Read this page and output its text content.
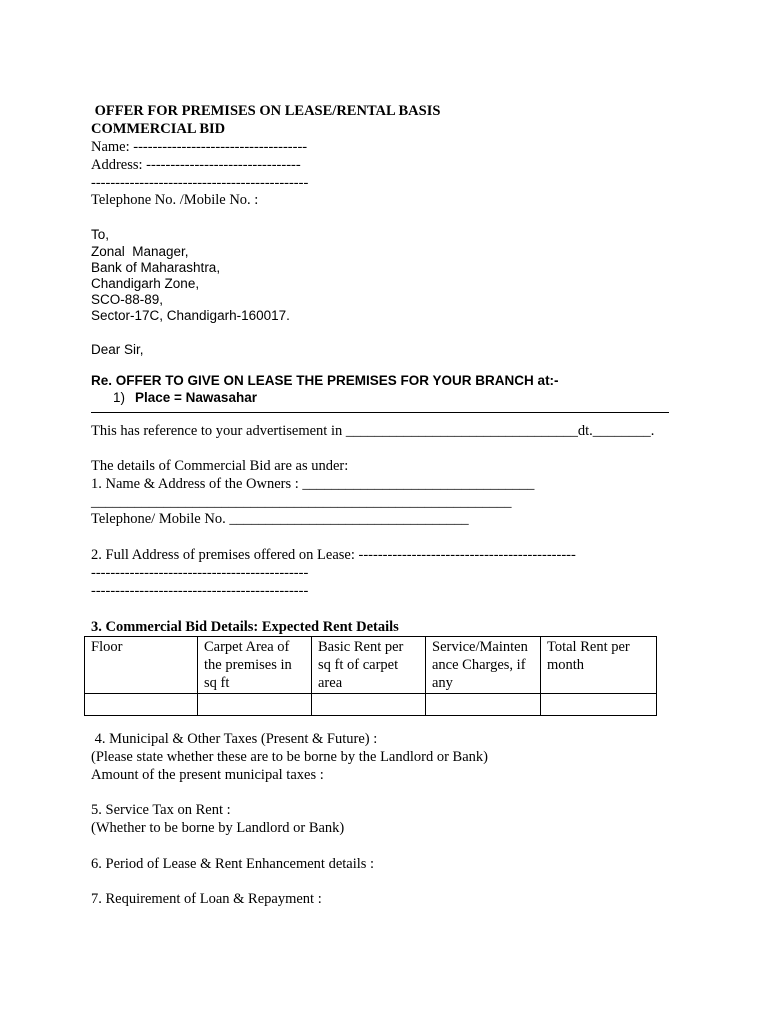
OFFER FOR PREMISES ON LEASE/RENTAL BASIS
COMMERCIAL BID
Name: ------------------------------------
Address: --------------------------------
---------------------------------------------
Telephone No. /Mobile No. :
To,
Zonal  Manager,
Bank of Maharashtra,
Chandigarh Zone,
SCO-88-89,
Sector-17C, Chandigarh-160017.
Dear Sir,
Re. OFFER TO GIVE ON LEASE THE PREMISES FOR YOUR BRANCH at:-
1) Place = Nawasahar
This has reference to your advertisement in ________________________________dt.________.
The details of Commercial Bid are as under:
1. Name & Address of the Owners : ________________________________
__________________________________________________________
Telephone/ Mobile No. _________________________________
2. Full Address of premises offered on Lease: ---------------------------------------------
---------------------------------------------
---------------------------------------------
3. Commercial Bid Details: Expected Rent Details
Floor	Carpet Area of the premises in sq ft	Basic Rent per sq ft of carpet area	Service/Maintenance Charges, if any	Total Rent per month

4. Municipal & Other Taxes (Present & Future) :
(Please state whether these are to be borne by the Landlord or Bank)
Amount of the present municipal taxes :
5. Service Tax on Rent :
(Whether to be borne by Landlord or Bank)
6. Period of Lease & Rent Enhancement details :
7. Requirement of Loan & Repayment :
